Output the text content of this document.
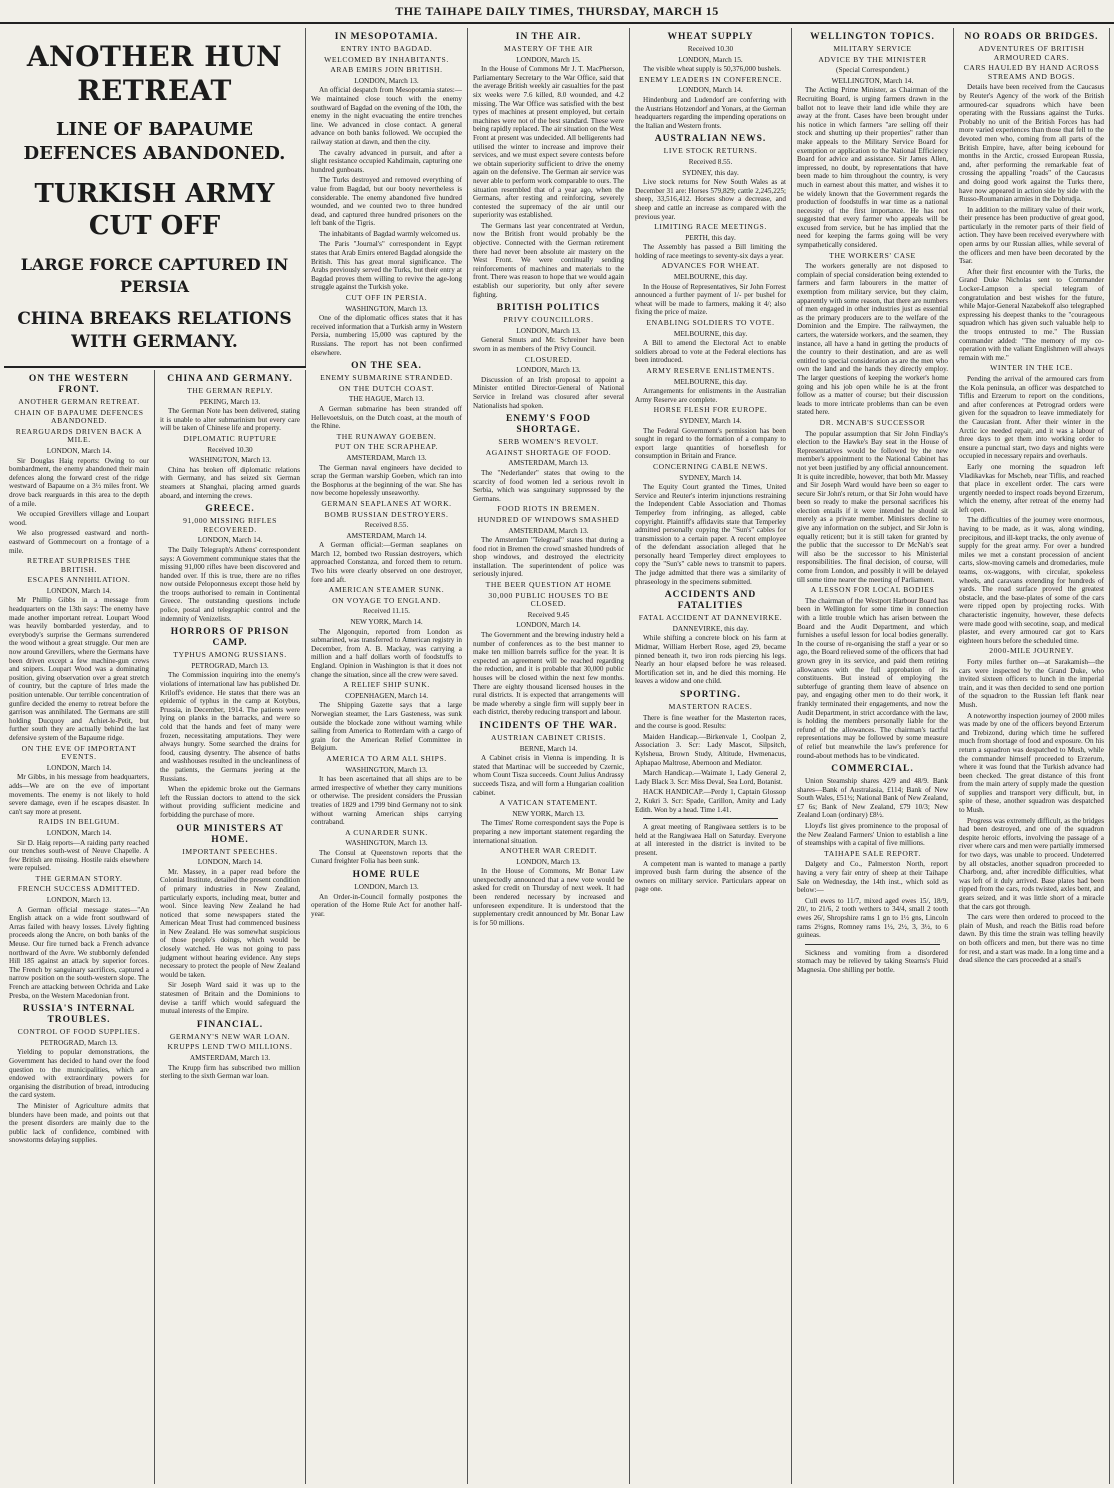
THE TAIHAPE DAILY TIMES, THURSDAY, MARCH 15
ANOTHER HUN RETREAT
LINE OF BAPAUME DEFENCES ABANDONED.
TURKISH ARMY CUT OFF
LARGE FORCE CAPTURED IN PERSIA
CHINA BREAKS RELATIONS WITH GERMANY.
ON THE WESTERN FRONT.
ANOTHER GERMAN RETREAT.
CHAIN OF BAPAUME DEFENCES ABANDONED.
REARGUARDS DRIVEN BACK A MILE.
LONDON, March 14.

Sir Douglas Haig reports: Owing to our bombardment, the enemy abandoned their main defences along the forward crest of the ridge westward of Bapaume on a 3½ miles front. We drove back rearguards in this area to the depth of a mile.

We occupied Grevillers village and Loupart wood.

We also progressed eastward and north-eastward of Gommecourt on a frontage of a mile.

RETREAT SURPRISES THE BRITISH.
ESCAPES ANNIHILATION.
LONDON, March 14.

Mr Phillip Gibbs in a message from headquarters on the 13th says: The enemy have made another important retreat. Loupart Wood was heavily bombarded yesterday, and to everybody's surprise the Germans surrendered the wood without a great struggle. Our men are now around Grevillers, where the Germans have been driven except a few machine-gun crews and snipers. Loupart Wood was a dominating position, giving observation over a great stretch of country, but the capture of Irles made the position untenable. Our terrible concentration of gunfire decided the enemy to retreat before the garrison was annihilated. The Germans are still holding Ducquoy and Achiet-le-Petit, but further south they are actually behind the last defensive system of the Bapaume ridge.

ON THE EVE OF IMPORTANT EVENTS.
LONDON, March 14.

Mr Gibbs, in his message from headquarters, adds—We are on the eve of important movements. The enemy is not likely to hold severe damage, even if he escapes disaster. In can't say more at present.

RAIDS IN BELGIUM.
LONDON, March 14.

Sir D. Haig reports—A raiding party reached our trenches south-west of Neuve Chapelle. A few British are missing. Hostile raids elsewhere were repulsed.

THE GERMAN STORY.
FRENCH SUCCESS ADMITTED.
LONDON, March 13.

A German official message states—"An English attack on a wide front southward of Arras failed with heavy losses. Lively fighting proceeds along the Ancre, on both banks of the Meuse. Our fire turned back a French advance northward of the Avre. We stubbornly defended Hill 185 against an attack by superior forces. The French by sanguinary sacrifices, captured a narrow position on the south-western slope. The French are attacking between Ochrida and Lake Presba, on the Western Macedonian front.

RUSSIA'S INTERNAL TROUBLES.
CONTROL OF FOOD SUPPLIES.
PETROGRAD, March 13.

Yielding to popular demonstrations, the Government has decided to hand over the food question to the municipalities, which are endowed with extraordinary powers for organising the distribution of bread, introducing the card system.

The Minister of Agriculture admits that blunders have been made, and points out that the present disorders are mainly due to the public lack of confidence, combined with snowstorms delaying supplies.

CHINA AND GERMANY.
THE GERMAN REPLY.
PEKING, March 13.

The German Note has been delivered, stating it is unable to alter submarinism but every care will be taken of Chinese life and property.

DIPLOMATIC RUPTURE
Received 10.30
WASHINGTON, March 13.

China has broken off diplomatic relations with Germany, and has seized six German steamers at Shanghai, placing armed guards aboard, and interning the crews.

GREECE.
91,000 MISSING RIFLES RECOVERED.
LONDON, March 14.

The Daily Telegraph's Athens' correspondent says: A Government communique states that the missing 91,000 rifles have been discovered and handed over. If this is true, there are no rifles now outside Peloponnesus except those held by the troops authorised to remain in Continental Greece. The outstanding questions include police, postal and telegraphic control and the indemnity of Venizelists.

HORRORS OF PRISON CAMP.
TYPHUS AMONG RUSSIANS.
PETROGRAD, March 13.

The Commission inquiring into the enemy's violations of international law has published Dr. Kriloff's evidence. He states that there was an epidemic of typhus in the camp at Kotybus, Prussia, in December, 1914. The patients were lying on planks in the barracks, and were so cold that the hands and feet of many were frozen, necessitating amputations. They were always hungry. Some searched the drains for food, causing dysentry. The absence of baths and washhouses resulted in the uncleanliness of the patients, the Germans jeering at the Russians.

When the epidemic broke out the Germans left the Russian doctors to attend to the sick without providing sufficient medicine and forbidding the purchase of more.

OUR MINISTERS AT HOME.
IMPORTANT SPEECHES.
LONDON, March 14.

Mr. Massey, in a paper read before the Colonial Institute, detailed the present condition of primary industries in New Zealand, particularly exports, including meat, butter and wool. Since leaving New Zealand he had noticed that some newspapers stated the American Meat Trust had commenced business in New Zealand. He was somewhat suspicious of those people's doings, which would be closely watched. He was not going to pass judgment without hearing evidence. Any steps necessary to protect the people of New Zealand would be taken.

Sir Joseph Ward said it was up to the statesmen of Britain and the Dominions to devise a tariff which would safeguard the mutual interests of the Empire.

FINANCIAL.
GERMANY'S NEW WAR LOAN.
KRUPPS LEND TWO MILLIONS.
AMSTERDAM, March 13.

The Krupp firm has subscribed two million sterling to the sixth German war loan.

IN MESOPOTAMIA.
ENTRY INTO BAGDAD.
WELCOMED BY INHABITANTS.
ARAB EMIRS JOIN BRITISH.
LONDON, March 13.

An official despatch from Mesopotamia states:—We maintained close touch with the enemy southward of Bagdad on the evening of the 10th, the enemy in the night evacuating the entire trenches line. We advanced in close contact. A general advance on both banks followed. We occupied the railway station at dawn, and then the city.

The cavalry advanced in pursuit, and after a slight resistance occupied Kahdimain, capturing one hundred gunboats.

The Turks destroyed and removed everything of value from Bagdad, but our booty nevertheless is considerable. The enemy abandoned five hundred wounded, and we counted two to three hundred dead, and captured three hundred prisoners on the left bank of the Tigris.

The inhabitants of Bagdad warmly welcomed us.

The Paris "Journal's" correspondent in Egypt states that Arab Emirs entered Bagdad alongside the British. This has great moral significance. The Arabs previously served the Turks, but their entry at Bagdad proves them willing to revive the age-long struggle against the Turkish yoke.

CUT OFF IN PERSIA.
WASHINGTON, March 13.

One of the diplomatic offices states that it has received information that a Turkish army in Western Persia, numbering 15,000 was captured by the Russians. The report has not been confirmed elsewhere.

ON THE SEA.
ENEMY SUBMARINE STRANDED.
ON THE DUTCH COAST.
THE HAGUE, March 13.

A German submarine has been stranded off Hellevoetsluis, on the Dutch coast, at the mouth of the Rhine.

THE RUNAWAY GOEBEN.
PUT ON THE SCRAPHEAP.
AMSTERDAM, March 13.

The German naval engineers have decided to scrap the German warship Goeben, which ran into the Bosphorus at the beginning of the war. She has now become hopelessly unseaworthy.

GERMAN SEAPLANES AT WORK.
BOMB RUSSIAN DESTROYERS.
Received 8.55.
AMSTERDAM, March 14.

A German official:—German seaplanes on March 12, bombed two Russian destroyers, which approached Constanza, and forced them to return. Two hits were clearly observed on one destroyer, fore and aft.

AMERICAN STEAMER SUNK.
ON VOYAGE TO ENGLAND.
Received 11.15.
NEW YORK, March 14.

The Algonquin, reported from London as submarined, was transferred to American registry in December, from A. B. Mackay, was carrying a million and a half dollars worth of foodstuffs to England. Opinion in Washington is that it does not change the situation, since all the crew were saved.

A RELIEF SHIP SUNK.
COPENHAGEN, March 14.

The Shipping Gazette says that a large Norwegian steamer, the Lars Gasteness, was sunk outside the blockade zone without warning while sailing from America to Rotterdam with a cargo of grain for the American Relief Committee in Belgium.

AMERICA TO ARM ALL SHIPS.
WASHINGTON, March 13.

It has been ascertained that all ships are to be armed irrespective of whether they carry munitions or otherwise. The president considers the Prussian treaties of 1829 and 1799 bind Germany not to sink without warning American ships carrying contraband.

A CUNARDER SUNK.
WASHINGTON, March 13.

The Consul at Queenstown reports that the Cunard freighter Folia has been sunk.

HOME RULE
LONDON, March 13.

An Order-in-Council formally postpones the operation of the Home Rule Act for another half-year.

IN THE AIR.
MASTERY OF THE AIR
LONDON, March 15.

In the House of Commons Mr J. T. MacPherson, Parliamentary Secretary to the War Office, said that the average British weekly air casualties for the past six weeks were 7.6 killed, 8.0 wounded, and 4.2 missing. The War Office was satisfied with the best types of machines at present employed, but certain machines were not of the best standard. These were being rapidly replaced. The air situation on the West Front at present was undecided. All belligerents had utilised the winter to increase and improve their services, and we must expect severe contests before we obtain superiority sufficient to drive the enemy again on the defensive. The German air service was never able to perform work comparable to ours. The situation resembled that of a year ago, when the Germans, after resting and reinforcing, severely contested the supremacy of the air until our superiority was established.

The Germans last year concentrated at Verdun, now the British front would probably be the objective. Connected with the German retirement there had never been absolute air mastery on the West Front. We were continually sending reinforcements of machines and materials to the front. There was reason to hope that we would again establish our superiority, but only after severe fighting.

BRITISH POLITICS
PRIVY COUNCILLORS.
LONDON, March 13.

General Smuts and Mr. Schreiner have been sworn in as members of the Privy Council.

CLOSURED.
LONDON, March 13.

Discussion of an Irish proposal to appoint a Minister entitled Director-General of National Service in Ireland was closured after several Nationalists had spoken.

ENEMY'S FOOD SHORTAGE.
SERB WOMEN'S REVOLT.
AGAINST SHORTAGE OF FOOD.
AMSTERDAM, March 13.

The "Nederlander" states that owing to the scarcity of food women led a serious revolt in Serbia, which was sanguinary suppressed by the Germans.

FOOD RIOTS IN BREMEN.
HUNDRED OF WINDOWS SMASHED
AMSTERDAM, March 13.

The Amsterdam "Telegraaf" states that during a food riot in Bremen the crowd smashed hundreds of shop windows, and destroyed the electricity installation. The superintendent of police was seriously injured.

THE BEER QUESTION AT HOME
30,000 PUBLIC HOUSES TO BE CLOSED.
Received 9.45
LONDON, March 14.

The Government and the brewing industry held a number of conferences as to the best manner to make ten million barrels suffice for the year. It is expected an agreement will be reached regarding the reduction, and it is probable that 30,000 public houses will be closed within the next few months. There are eighty thousand licensed houses in the rural districts. It is expected that arrangements will be made whereby a single firm will supply beer in each district, thereby reducing transport and labour.

INCIDENTS OF THE WAR.
AUSTRIAN CABINET CRISIS.
BERNE, March 14.

A Cabinet crisis in Vienna is impending. It is stated that Martinac will be succeeded by Czernic, whom Count Tisza succeeds. Count Julius Andrassy succeeds Tisza, and will form a Hungarian coalition cabinet.

A VATICAN STATEMENT.
NEW YORK, March 13.

The Times' Rome correspondent says the Pope is preparing a new important statement regarding the international situation.

ANOTHER WAR CREDIT.
LONDON, March 13.

In the House of Commons, Mr Bonar Law unexpectedly announced that a new vote would be asked for credit on Thursday of next week. It had been rendered necessary by increased and unforeseen expenditure. It is understood that the supplementary credit announced by Mr. Bonar Law is for 50 millions.

WHEAT SUPPLY
Received 10.30
LONDON, March 15.

The visible wheat supply is 50,376,000 bushels.

ENEMY LEADERS IN CONFERENCE.
LONDON, March 14.

Hindenburg and Ludendorf are conferring with the Austrians Hotzendorf and Yonars, at the German headquarters regarding the impending operations on the Italian and Western fronts.

AUSTRALIAN NEWS.
LIVE STOCK RETURNS.
Received 8.55.
SYDNEY, this day.

Live stock returns for New South Wales as at December 31 are: Horses 579,829; cattle 2,245,225; sheep, 33,516,412. Horses show a decrease, and sheep and cattle an increase as compared with the previous year.

LIMITING RACE MEETINGS.
PERTH, this day.

The Assembly has passed a Bill limiting the holding of race meetings to seventy-six days a year.

ADVANCES FOR WHEAT.
MELBOURNE, this day.

In the House of Representatives, Sir John Forrest announced a further payment of 1/- per bushel for wheat will be made to farmers, making it 4/; also fixing the price of maize.

ENABLING SOLDIERS TO VOTE.
MELBOURNE, this day.

A Bill to amend the Electoral Act to enable soldiers abroad to vote at the Federal elections has been introduced.

ARMY RESERVE ENLISTMENTS.
MELBOURNE, this day.

Arrangements for enlistments in the Australian Army Reserve are complete.

HORSE FLESH FOR EUROPE.
SYDNEY, March 14.

The Federal Government's permission has been sought in regard to the formation of a company to export large quantities of horseflesh for consumption in Britain and France.

CONCERNING CABLE NEWS.
SYDNEY, March 14.

The Equity Court granted the Times, United Service and Reuter's interim injunctions restraining the Independent Cable Association and Thomas Temperley from infringing, as alleged, cable copyright. Plaintiff's affidavits state that Temperley admitted personally copying the "Sun's" cables for transmission to a certain paper. A recent employee of the defendant association alleged that he personally heard Temperley direct employees to copy the "Sun's" cable news to transmit to papers. The judge admitted that there was a similarity of phraseology in the specimens submitted.

ACCIDENTS AND FATALITIES
FATAL ACCIDENT AT DANNEVIRKE.
DANNEVIRKE, this day.

While shifting a concrete block on his farm at Midmar, William Herbert Rose, aged 29, became pinned beneath it, two iron rods piercing his legs. Nearly an hour elapsed before he was released. Mortification set in, and he died this morning. He leaves a widow and one child.

SPORTING.
MASTERTON RACES.

There is fine weather for the Masterton races, and the course is good. Results:

Maiden Handicap.—Birkenvale 1, Coolpan 2, Association 3. Scr: Lady Mascot, Silpsitch, Kylsheua, Brown Study, Altitude, Hwmenacus, Aphapao Maltrose, Abernoon and Mediator.

March Handicap.—Waimate 1, Lady General 2, Lady Black 3. Scr: Miss Deval, Sea Lord, Botanist.

HACK HANDICAP.—Perdy 1, Captain Glossop 2, Kukri 3. Scr: Spade, Carillon, Amity and Lady Edith. Won by a head. Time 1.41.

A great meeting of Rangiwaea settlers is to be held at the Rangiwaea Hall on Saturday. Everyone at all interested in the district is invited to be present.

A competent man is wanted to manage a partly improved bush farm during the absence of the owners on military service. Particulars appear on page one.

WELLINGTON TOPICS.
MILITARY SERVICE
ADVICE BY THE MINISTER
(Special Correspondent.)
WELLINGTON, March 14.

The Acting Prime Minister, as Chairman of the Recruiting Board, is urging farmers drawn in the ballot not to leave their land idle while they are away at the front. Cases have been brought under his notice in which farmers "are selling off their stock and shutting up their properties" rather than make appeals to the Military Service Board for exemption or application to the National Efficiency Board for advice and assistance. Sir James Allen, impressed, no doubt, by representations that have been made to him throughout the country, is very much in earnest about this matter, and wishes it to be widely known that the Government regards the production of foodstuffs in war time as a national necessity of the first importance. He has not suggested that every farmer who appeals will be excused from service, but he has implied that the need for keeping the farms going will be very sympathetically considered.

THE WORKERS' CASE

The workers generally are not disposed to complain of special consideration being extended to farmers and farm labourers in the matter of exemption from military service, but they claim, apparently with some reason, that there are numbers of men engaged in other industries just as essential as the primary producers are to the welfare of the Dominion and the Empire. The railwaymen, the carters, the waterside workers, and the seamen, they instance, all have a hand in getting the products of the country to their destination, and are as well entitled to special consideration as are the men who own the land and the hands they directly employ. The larger questions of keeping the worker's home going and his job open while he is at the front follow as a matter of course; but their discussion leads to more intricate problems than can be even stated here.

DR. MCNAB'S SUCCESSOR

The popular assumption that Sir John Findlay's election to the Hawke's Bay seat in the House of Representatives would be followed by the new member's appointment to the National Cabinet has not yet been justified by any official announcement. It is quite incredible, however, that both Mr. Massey and Sir Joseph Ward would have been so eager to secure Sir John's return, or that Sir John would have been so ready to make the personal sacrifices his election entails if it were intended he should sit merely as a private member. Ministers decline to give any information on the subject, and Sir John is equally reticent; but it is still taken for granted by the public that the successor to Dr McNab's seat will also be the successor to his Ministerial responsibilities. The final decision, of course, will come from London, and possibly it will be delayed till some time nearer the meeting of Parliament.

A LESSON FOR LOCAL BODIES

The chairman of the Westport Harbour Board has been in Wellington for some time in connection with a little trouble which has arisen between the Board and the Audit Department, and which furnishes a useful lesson for local bodies generally. In the course of re-organising the staff a year or so ago, the Board relieved some of the officers that had grown grey in its service, and paid them retiring allowances with the full approbation of its constituents. But instead of employing the subterfuge of granting them leave of absence on pay, and engaging other men to do their work, it frankly terminated their engagements, and now the Audit Department, in strict accordance with the law, is holding the members personally liable for the refund of the allowances. The chairman's tactful representations may be followed by some measure of relief but meanwhile the law's preference for round-about methods has to be vindicated.

COMMERCIAL.

Union Steamship shares 42/9 and 48/9. Bank shares—Bank of Australasia, £114; Bank of New South Wales, £51½; National Bank of New Zealand, £7 6s; Bank of New Zealand, £79 10/3; New Zealand Loan (ordinary) £8½.

Lloyd's list gives prominence to the proposal of the New Zealand Farmers' Union to establish a line of steamships with a capital of five millions.

TAIHAPE SALE REPORT.

Dalgety and Co., Palmerston North, report having a very fair entry of sheep at their Taihape Sale on Wednesday, the 14th inst., which sold as below:—

Cull ewes to 11/7, mixed aged ewes 15/, 18/9, 20/, to 21/6, 2 tooth wethers to 34/4, small 2 tooth ewes 26/, Shropshire rams 1 gn to 1½ gns, Lincoln rams 2½gns, Romney rams 1½, 2½, 3, 3½, to 6 guineas.

Sickness and vomiting from a disordered stomach may be relieved by taking Stearns's Fluid Magnesia. One shilling per bottle.

NO ROADS OR BRIDGES.
ADVENTURES OF BRITISH ARMOURED CARS.
CARS HAULED BY HAND ACROSS STREAMS AND BOGS.

Details have been received from the Caucasus by Reuter's Agency of the work of the British armoured-car squadrons which have been operating with the Russians against the Turks. Probably no unit of the British Forces has had more varied experiences than those that fell to the devoted men who, coming from all parts of the British Empire, have, after being icebound for months in the Arctic, crossed European Russia, and, after performing the remarkable feat of crossing the appalling "roads" of the Caucasus and doing good work against the Turks there, have now appeared in action side by side with the Russo-Roumanian armies in the Dobrudja.

In addition to the military value of their work, their presence has been productive of great good, particularly in the remoter parts of their field of action. They have been received everywhere with open arms by our Russian allies, while several of the officers and men have been decorated by the Tsar.

After their first encounter with the Turks, the Grand Duke Nicholas sent to Commander Locker-Lampson a special telegram of congratulation and best wishes for the future, while Major-General Nazabekoff also telegraphed expressing his deepest thanks to the "courageous squadron which has given such valuable help to the troops entrusted to me." The Russian commander added: "The memory of my co-operation with the valiant Englishmen will always remain with me."

WINTER IN THE ICE.

Pending the arrival of the armoured cars from the Kola peninsula, an officer was despatched to Tiflis and Erzerum to report on the conditions, and after conferences at Petrograd orders were given for the squadron to leave immediately for the Caucasian front. After their winter in the Arctic ice needed repair, and it was a labour of three days to get them into working order to ensure a punctual start, two days and nights were occupied in necessary repairs and overhauls.

Early one morning the squadron left Vladikavkas for Mscheb, near Tiflis, and reached that place in excellent order. The cars were urgently needed to inspect roads beyond Erzerum, which the enemy, after retreat of the enemy had left open.

The difficulties of the journey were enormous, having to be made, as it was, along winding, precipitous, and ill-kept tracks, the only avenue of supply for the great army. For over a hundred miles we met a constant procession of ancient carts, slow-moving camels and dromedaries, mule teams, ox-waggons, with circular, spokeless wheels, and caravans extending for hundreds of yards. The road surface proved the greatest obstacle, and the base-plates of some of the cars were ripped open by projecting rocks. With characteristic ingenuity, however, these defects were made good with secotine, soap, and medical plaster, and every armoured car got to Kars eighteen hours before the scheduled time.

2000-MILE JOURNEY.

Forty miles further on—at Sarakamish—the cars were inspected by the Grand Duke, who invited sixteen officers to lunch in the imperial train, and it was then decided to send one portion of the squadron to the Russian left flank near Mush.

A noteworthy inspection journey of 2000 miles was made by one of the officers beyond Erzerum and Trebizond, during which time he suffered much from shortage of food and exposure. On his return a squadron was despatched to Mush, while the commander himself proceeded to Erzerum, where it was found that the Turkish advance had been checked. The great distance of this front from the main artery of supply made the question of supplies and transport very difficult, but, in spite of these, another squadron was despatched to Mush.

Progress was extremely difficult, as the bridges had been destroyed, and one of the squadron despite heroic efforts, involving the passage of a river where cars and men were partially immersed for two days, was unable to proceed. Undeterred by all obstacles, another squadron proceeded to Charborg, and, after incredible difficulties, what was left of it duly arrived. Base plates had been ripped from the cars, rods twisted, axles bent, and gears seized, and it was little short of a miracle that the cars got through.

The cars were then ordered to proceed to the plain of Mush, and reach the Bitlis road before dawn. By this time the strain was telling heavily on both officers and men, but there was no time for rest, and a start was made. In a long time and a dead silence the cars proceeded at a snail's
